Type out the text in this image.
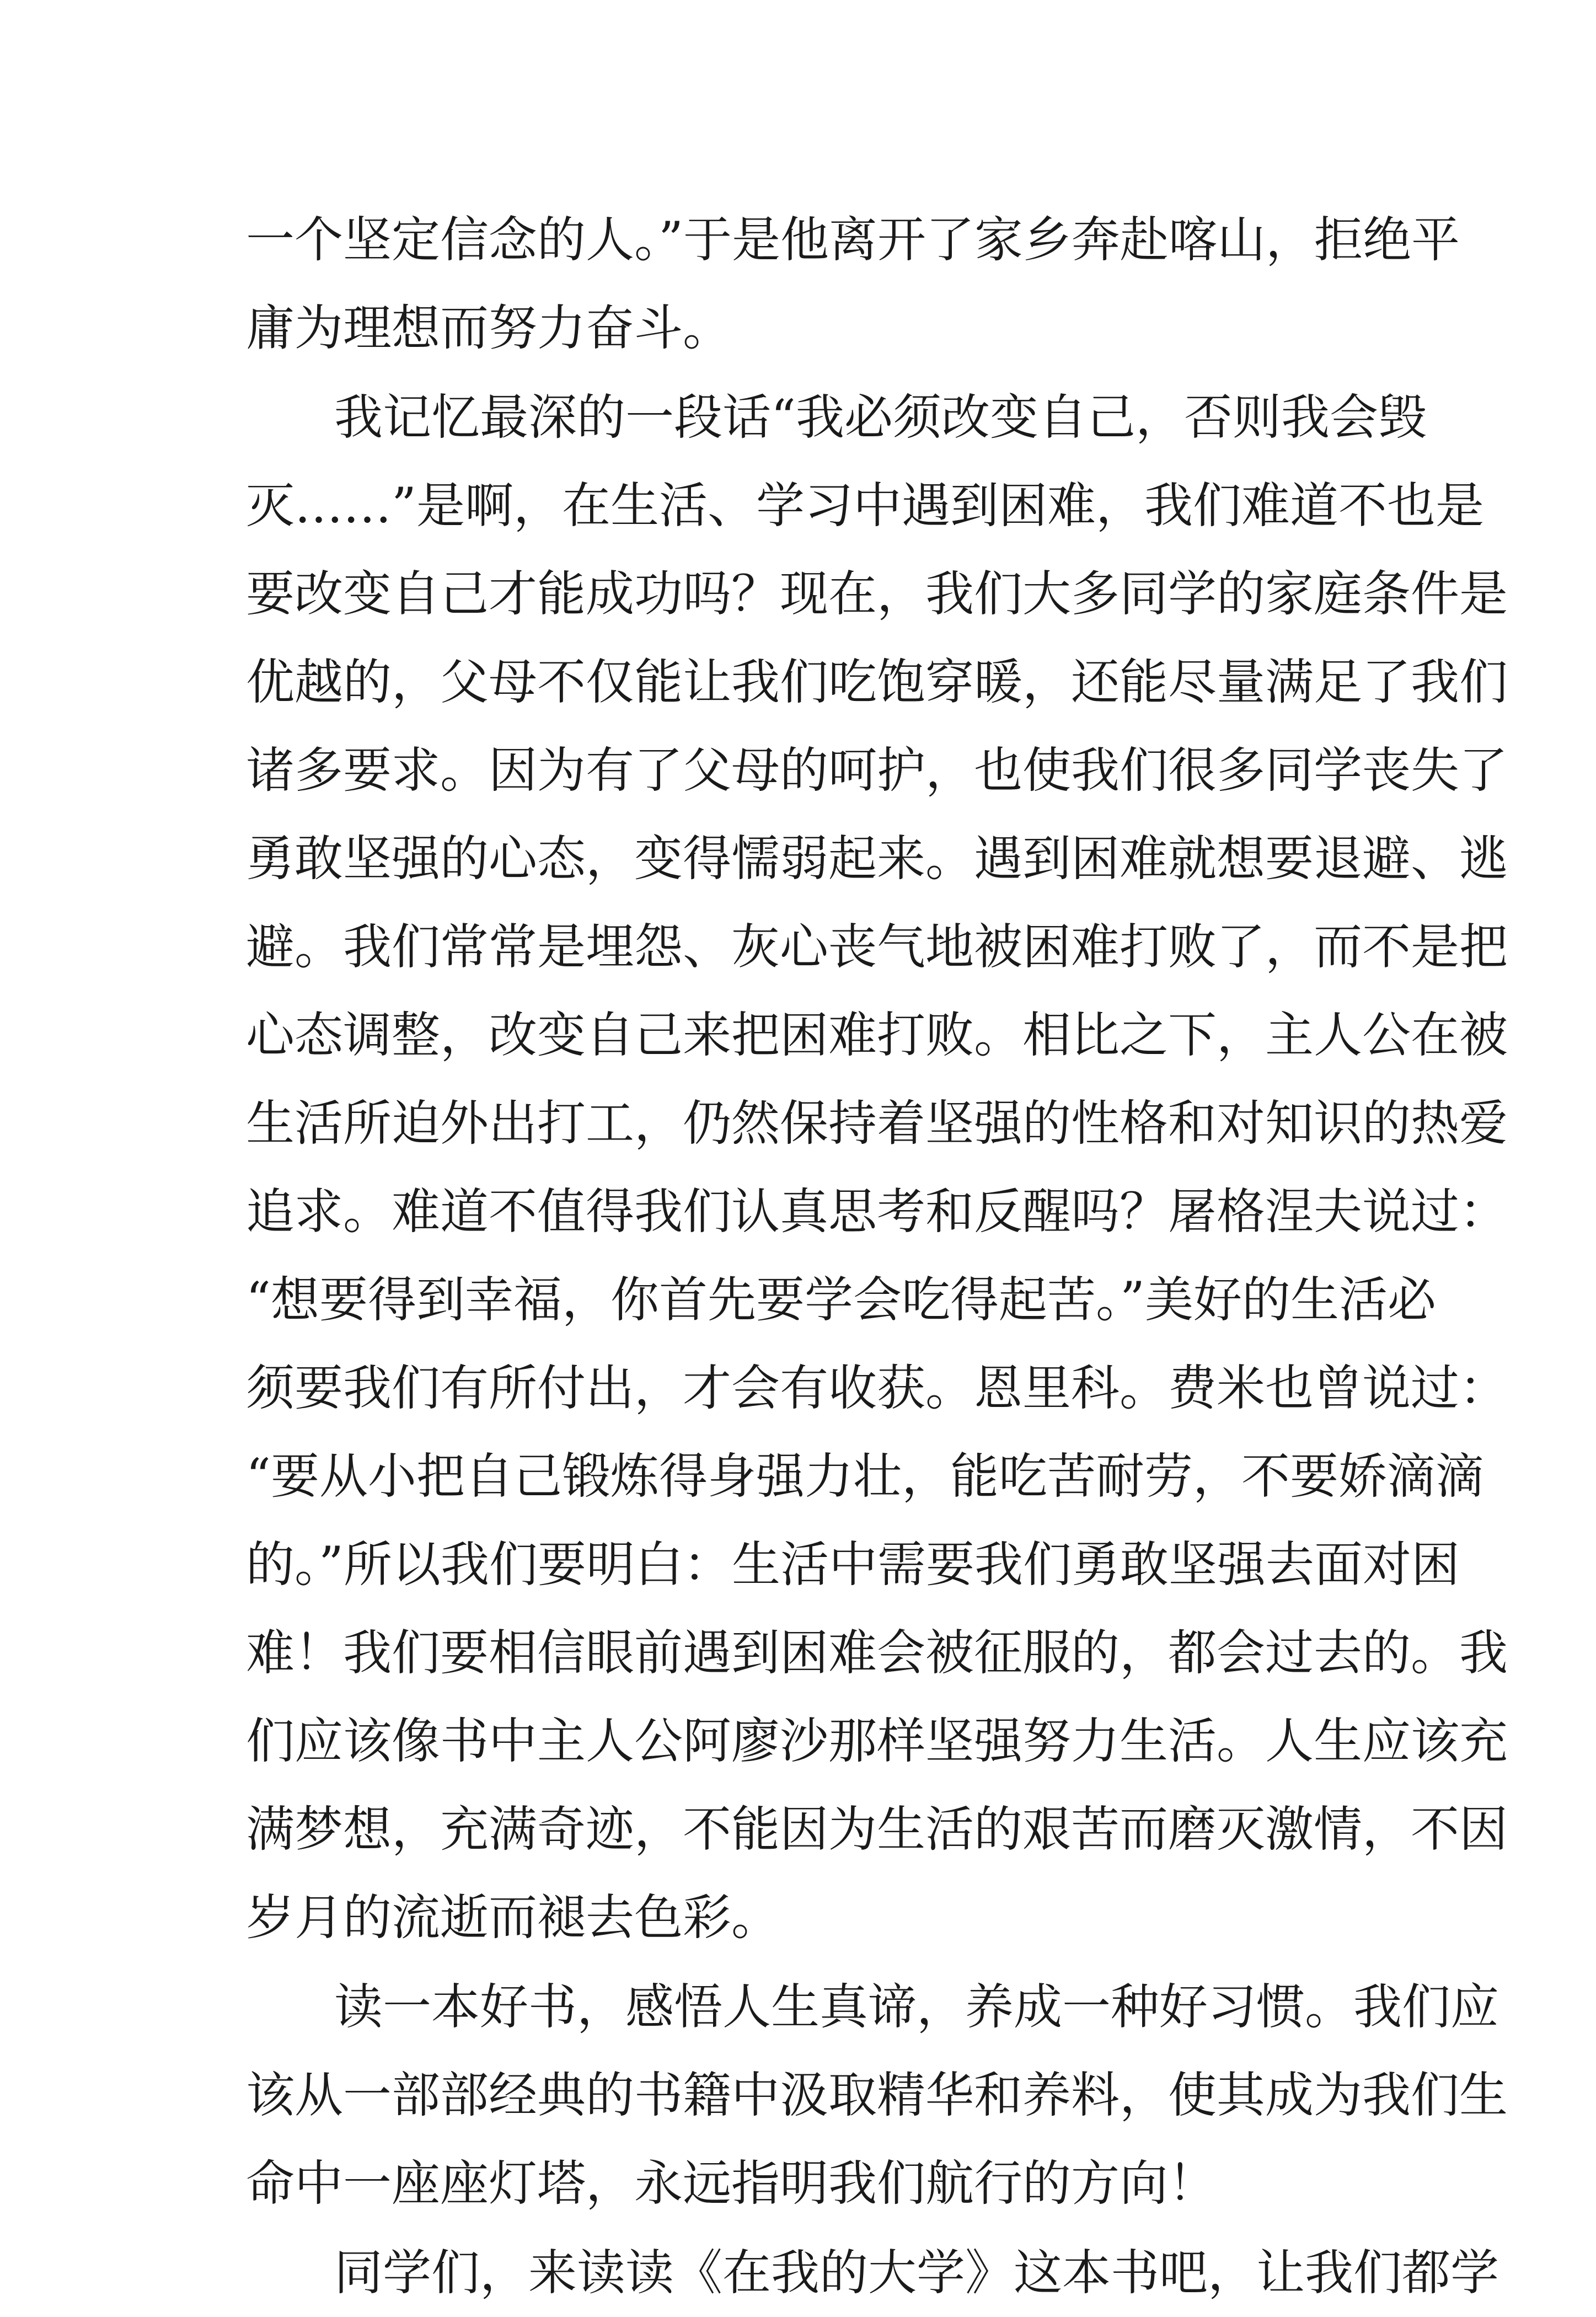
一个坚定信念的人。”于是他离开了家乡奔赴喀山，拒绝平
庸为理想而努力奋斗。
我记忆最深的一段话“我必须改变自己，否则我会毁
灭……”是啊，在生活、学习中遇到困难，我们难道不也是
要改变自己才能成功吗？现在，我们大多同学的家庭条件是
优越的，父母不仅能让我们吃饱穿暖，还能尽量满足了我们
诸多要求。因为有了父母的呵护，也使我们很多同学丧失了
勇敢坚强的心态，变得懦弱起来。遇到困难就想要退避、逃
避。我们常常是埋怨、灰心丧气地被困难打败了，而不是把
心态调整，改变自己来把困难打败。相比之下，主人公在被
生活所迫外出打工，仍然保持着坚强的性格和对知识的热爱
追求。难道不值得我们认真思考和反醒吗？屠格涅夫说过：
“想要得到幸福，你首先要学会吃得起苦。”美好的生活必
须要我们有所付出，才会有收获。恩里科。费米也曾说过：
“要从小把自己锻炼得身强力壮，能吃苦耐劳，不要娇滴滴
的。”所以我们要明白：生活中需要我们勇敢坚强去面对困
难！我们要相信眼前遇到困难会被征服的，都会过去的。我
们应该像书中主人公阿廖沙那样坚强努力生活。人生应该充
满梦想，充满奇迹，不能因为生活的艰苦而磨灭激情，不因
岁月的流逝而褪去色彩。
读一本好书，感悟人生真谛，养成一种好习惯。我们应
该从一部部经典的书籍中汲取精华和养料，使其成为我们生
命中一座座灯塔，永远指明我们航行的方向！
同学们，来读读《在我的大学》这本书吧，让我们都学
